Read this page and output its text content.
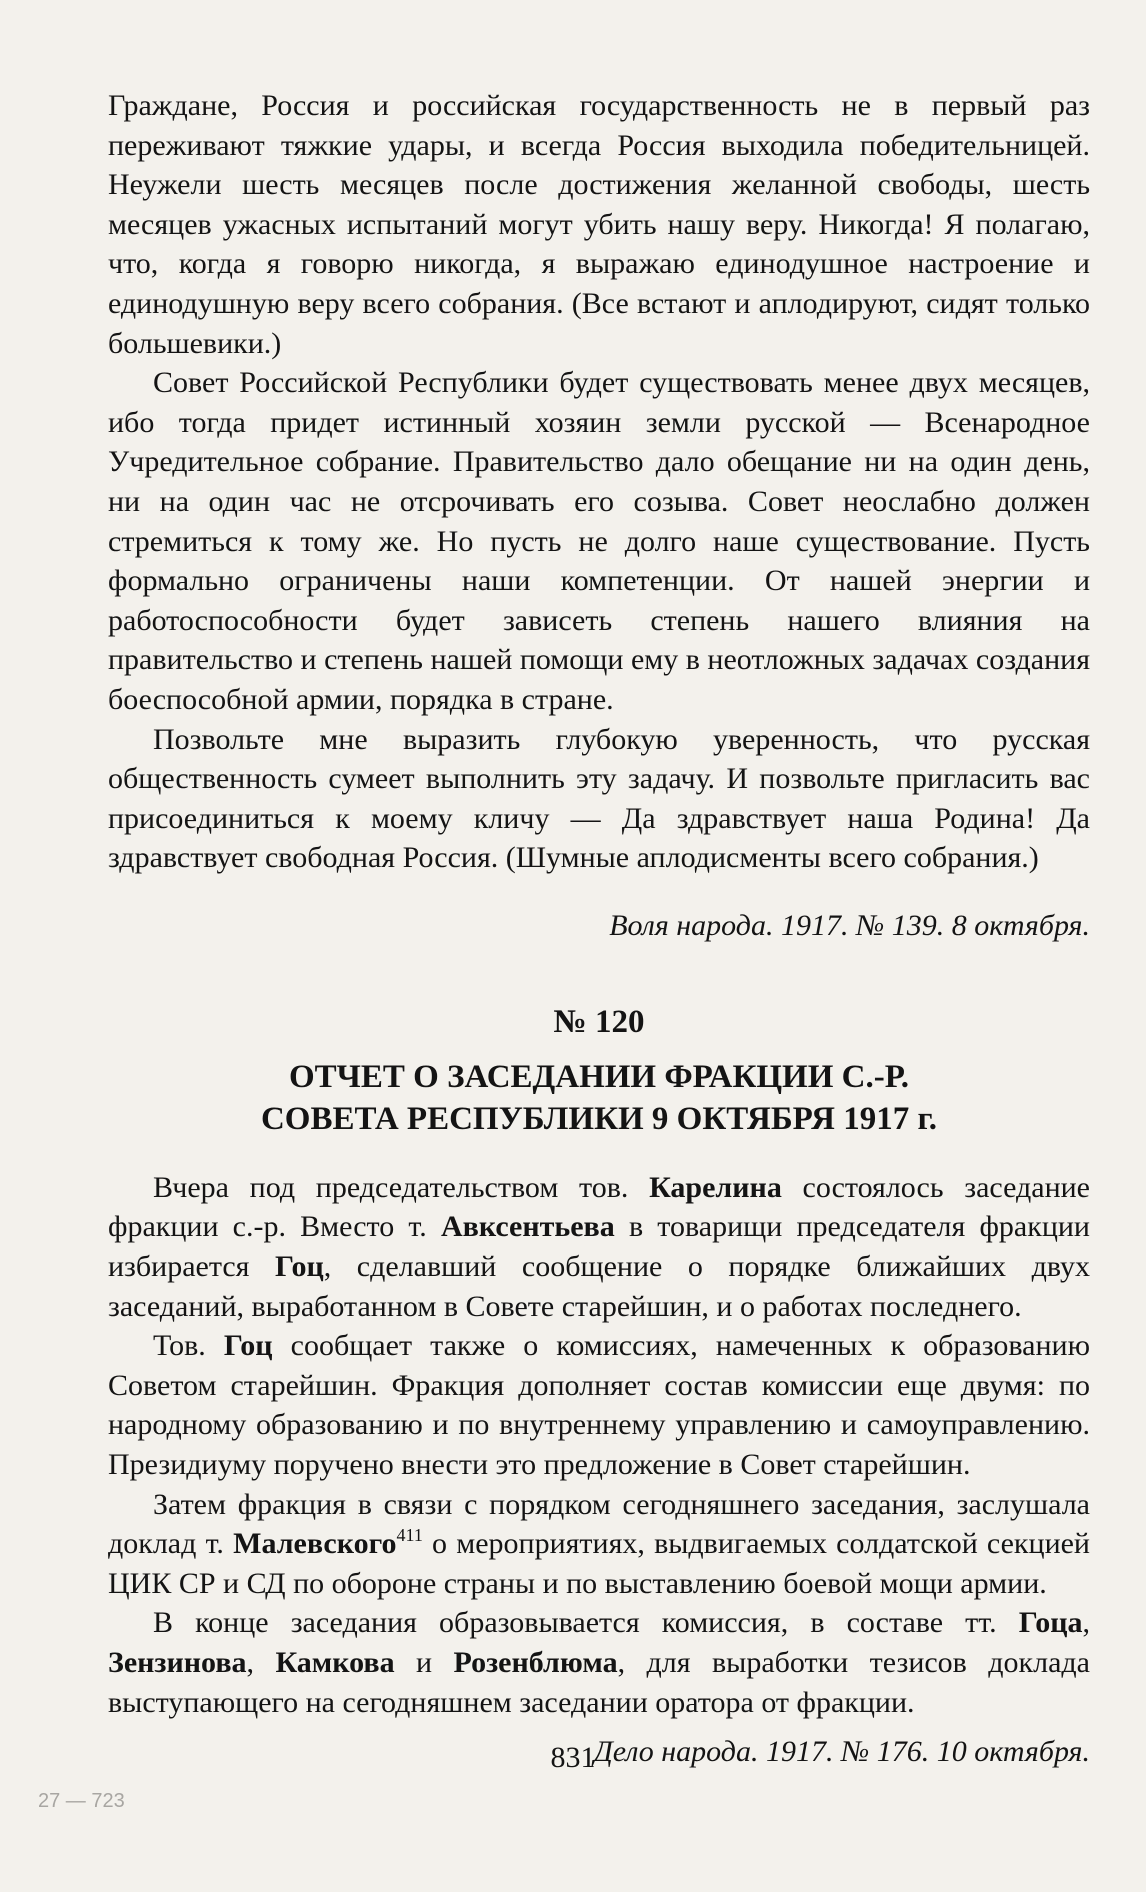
Граждане, Россия и российская государственность не в первый раз переживают тяжкие удары, и всегда Россия выходила победительницей. Неужели шесть месяцев после достижения желанной свободы, шесть месяцев ужасных испытаний могут убить нашу веру. Никогда! Я полагаю, что, когда я говорю никогда, я выражаю единодушное настроение и единодушную веру всего собрания. (Все встают и аплодируют, сидят только большевики.)

Совет Российской Республики будет существовать менее двух месяцев, ибо тогда придет истинный хозяин земли русской — Всенародное Учредительное собрание. Правительство дало обещание ни на один день, ни на один час не отсрочивать его созыва. Совет неослабно должен стремиться к тому же. Но пусть не долго наше существование. Пусть формально ограничены наши компетенции. От нашей энергии и работоспособности будет зависеть степень нашего влияния на правительство и степень нашей помощи ему в неотложных задачах создания боеспособной армии, порядка в стране.

Позвольте мне выразить глубокую уверенность, что русская общественность сумеет выполнить эту задачу. И позвольте пригласить вас присоединиться к моему кличу — Да здравствует наша Родина! Да здравствует свободная Россия. (Шумные аплодисменты всего собрания.)

Воля народа. 1917. № 139. 8 октября.

№ 120

ОТЧЕТ О ЗАСЕДАНИИ ФРАКЦИИ С.-Р.

СОВЕТА РЕСПУБЛИКИ 9 ОКТЯБРЯ 1917 г.

Вчера под председательством тов. Карелина состоялось заседание фракции с.-р. Вместо т. Авксентьева в товарищи председателя фракции избирается Гоц, сделавший сообщение о порядке ближайших двух заседаний, выработанном в Совете старейшин, и о работах последнего.

Тов. Гоц сообщает также о комиссиях, намеченных к образованию Советом старейшин. Фракция дополняет состав комиссии еще двумя: по народному образованию и по внутреннему управлению и самоуправлению. Президиуму поручено внести это предложение в Совет старейшин.

Затем фракция в связи с порядком сегодняшнего заседания, заслушала доклад т. Малевского$^{411}$ о мероприятиях, выдвигаемых солдатской секцией ЦИК СР и СД по обороне страны и по выставлению боевой мощи армии.

В конце заседания образовывается комиссия, в составе тт. Гоца, Зензинова, Камкова и Розенблюма, для выработки тезисов доклада выступающего на сегодняшнем заседании оратора от фракции.

Дело народа. 1917. № 176. 10 октября.

831
27 — 723
